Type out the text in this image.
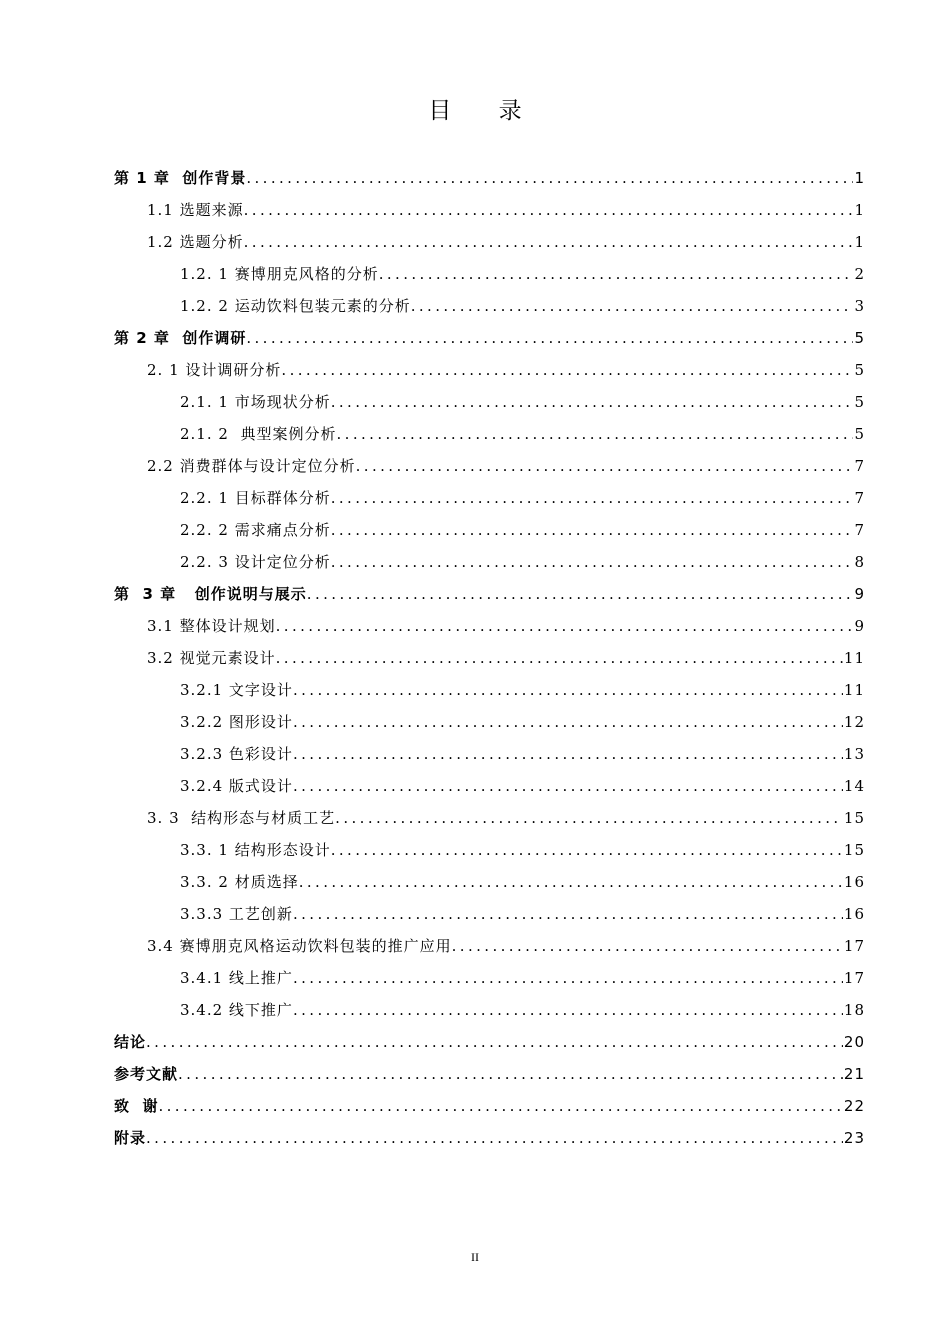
目 录
第 1 章  创作背景 .....	1
1.1 选题来源 .....	1
1.2 选题分析 .....	1
1.2. 1 赛博朋克风格的分析 .....	2
1.2. 2 运动饮料包装元素的分析 .....	3
第 2 章  创作调研 .....	5
2. 1 设计调研分析 .....	5
2.1. 1 市场现状分析 .....	5
2.1. 2  典型案例分析 .....	5
2.2 消费群体与设计定位分析 .....	7
2.2. 1 目标群体分析 .....	7
2.2. 2 需求痛点分析 .....	7
2.2. 3 设计定位分析 .....	8
第  3 章   创作说明与展示 .....	9
3.1 整体设计规划 .....	9
3.2 视觉元素设计 .....	11
3.2.1 文字设计 .....	11
3.2.2 图形设计 .....	12
3.2.3 色彩设计 .....	13
3.2.4 版式设计 .....	14
3. 3  结构形态与材质工艺 .....	15
3.3. 1 结构形态设计 .....	15
3.3. 2 材质选择 .....	16
3.3.3 工艺创新 .....	16
3.4 赛博朋克风格运动饮料包装的推广应用 .....	17
3.4.1 线上推广 .....	17
3.4.2 线下推广 .....	18
结论 .....	20
参考文献 .....	21
致  谢 .....	22
附录 .....	23
II
